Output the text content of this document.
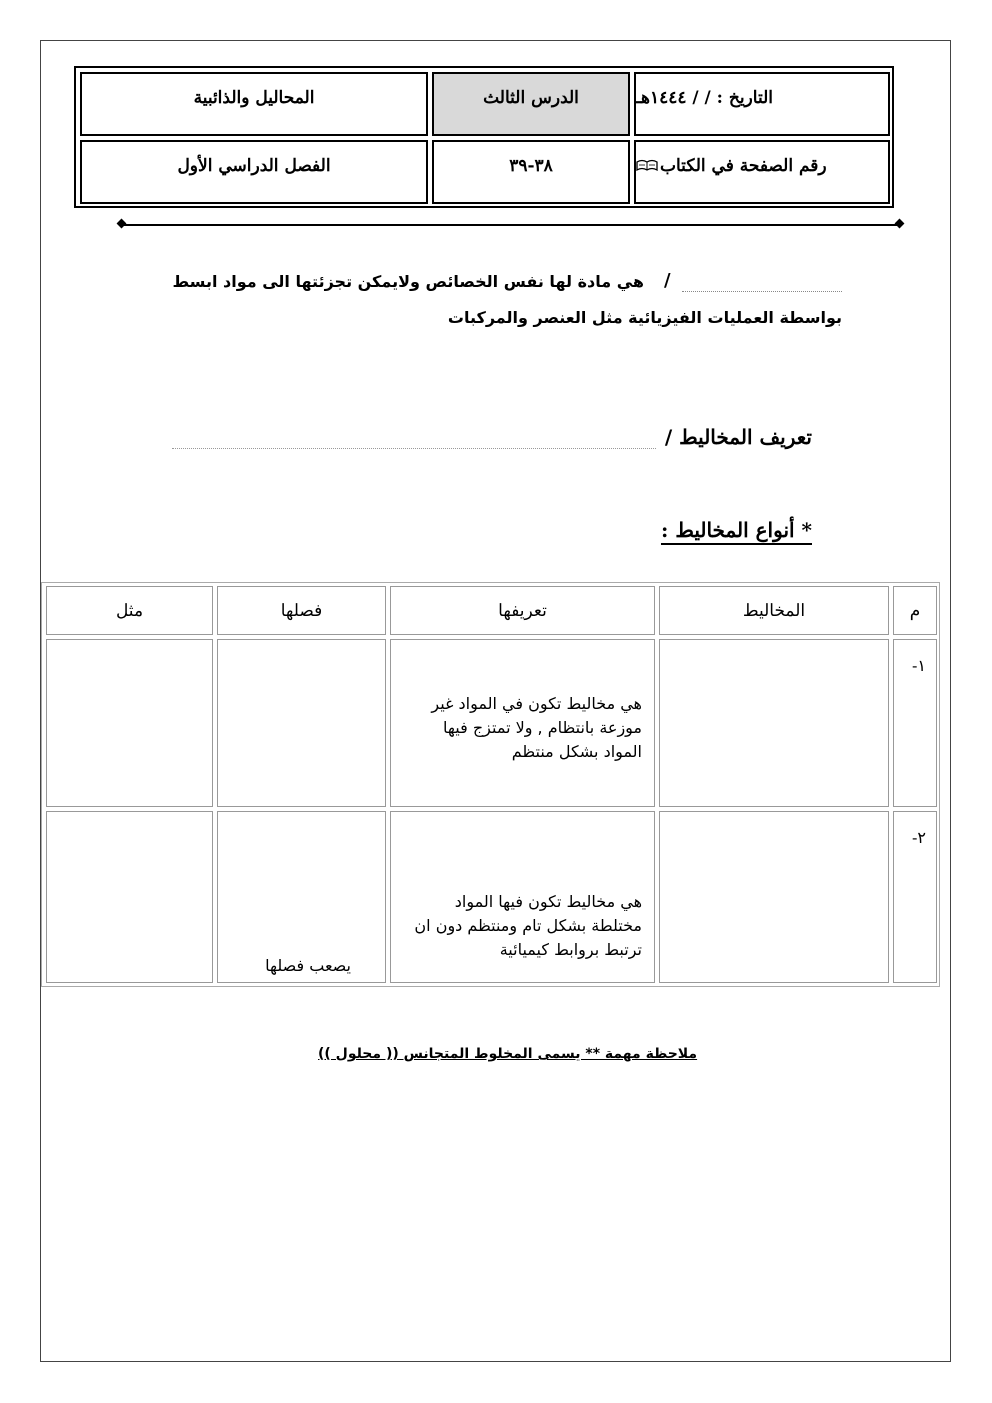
التاريخ : / / ١٤٤٤هـ
الدرس الثالث
المحاليل والذائبية
رقم الصفحة في الكتاب
٣٨-٣٩
الفصل الدراسي الأول
/
هي مادة لها نفس الخصائص ولايمكن تجزئتها الى مواد ابسط
بواسطة العمليات الفيزيائية مثل العنصر والمركبات
تعريف المخاليط /
* أنواع المخاليط :
م
المخاليط
تعريفها
فصلها
مثل
١-

هي مخاليط تكون في المواد غير
موزعة بانتظام , ولا تمتزج فيها
المواد بشكل منتظم

٢-

هي مخاليط تكون فيها المواد
مختلطة بشكل تام ومنتظم دون ان
ترتبط بروابط كيميائية

يصعب فصلها

ملاحظة مهمة ** يسمى المخلوط المتجانس (( محلول ))
